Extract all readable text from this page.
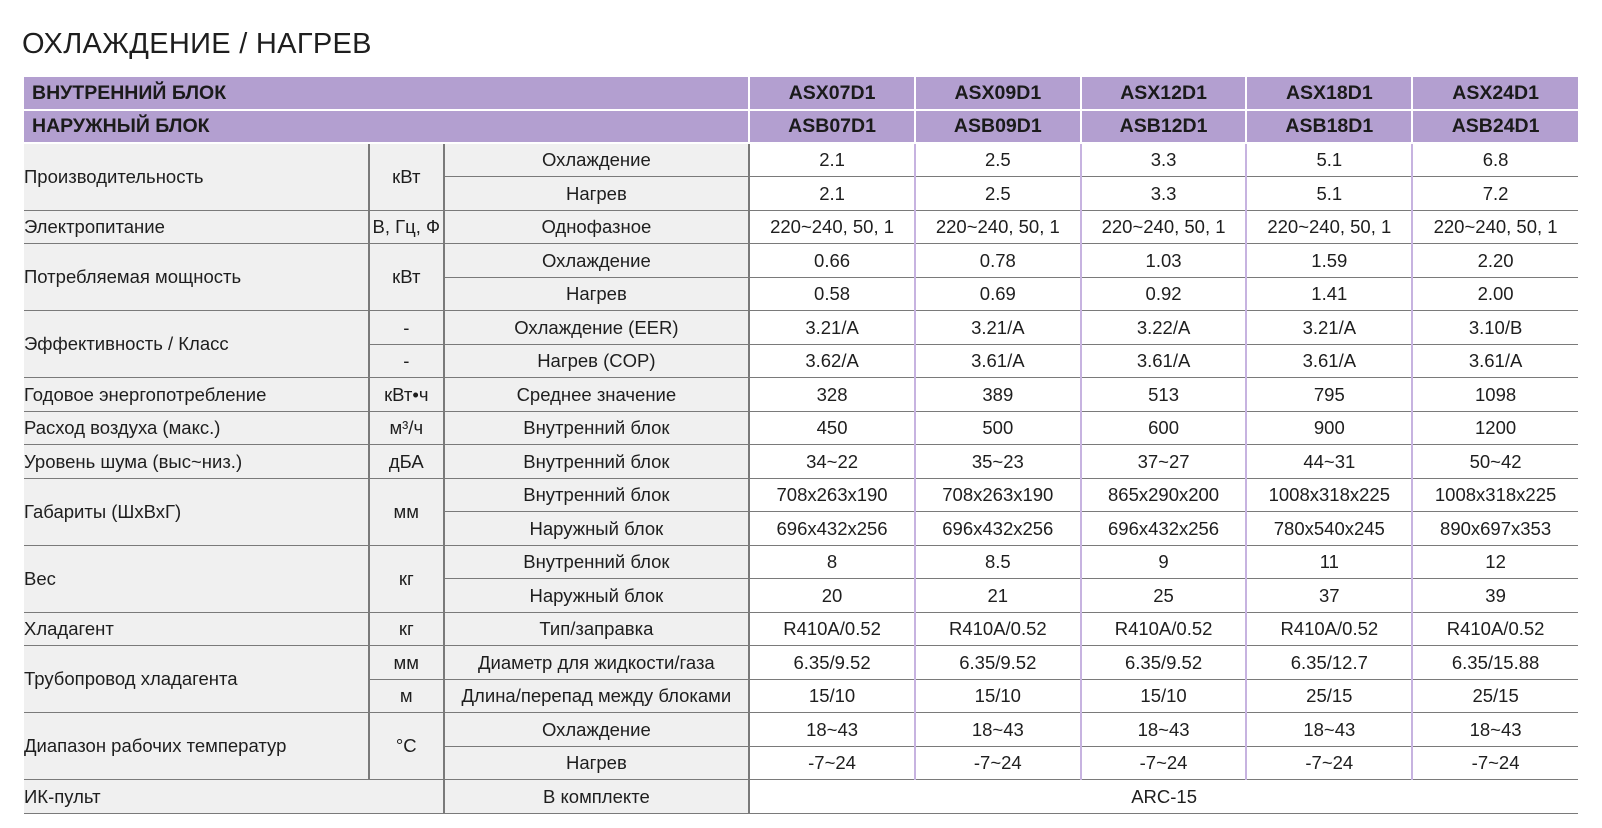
ОХЛАЖДЕНИЕ / НАГРЕВ
ВНУТРЕННИЙ БЛОК			ASX07D1	ASX09D1	ASX12D1	ASX18D1	ASX24D1
НАРУЖНЫЙ БЛОК			ASB07D1	ASB09D1	ASB12D1	ASB18D1	ASB24D1
Производительность	кВт	Охлаждение	2.1	2.5	3.3	5.1	6.8
		Нагрев	2.1	2.5	3.3	5.1	7.2
Электропитание	В, Гц, Ф	Однофазное	220~240, 50, 1	220~240, 50, 1	220~240, 50, 1	220~240, 50, 1	220~240, 50, 1
Потребляемая мощность	кВт	Охлаждение	0.66	0.78	1.03	1.59	2.20
		Нагрев	0.58	0.69	0.92	1.41	2.00
Эффективность / Класс	-	Охлаждение (EER)	3.21/A	3.21/A	3.22/A	3.21/A	3.10/B
	-	Нагрев (COP)	3.62/A	3.61/A	3.61/A	3.61/A	3.61/A
Годовое энергопотребление	кВт•ч	Среднее значение	328	389	513	795	1098
Расход воздуха (макс.)	м³/ч	Внутренний блок	450	500	600	900	1200
Уровень шума (выс~низ.)	дБА	Внутренний блок	34~22	35~23	37~27	44~31	50~42
Габариты (ШхВхГ)	мм	Внутренний блок	708x263x190	708x263x190	865x290x200	1008x318x225	1008x318x225
		Наружный блок	696x432x256	696x432x256	696x432x256	780x540x245	890x697x353
Вес	кг	Внутренний блок	8	8.5	9	11	12
		Наружный блок	20	21	25	37	39
Хладагент	кг	Тип/заправка	R410A/0.52	R410A/0.52	R410A/0.52	R410A/0.52	R410A/0.52
Трубопровод хладагента	мм	Диаметр для жидкости/газа	6.35/9.52	6.35/9.52	6.35/9.52	6.35/12.7	6.35/15.88
	м	Длина/перепад между блоками	15/10	15/10	15/10	25/15	25/15
Диапазон рабочих температур	°C	Охлаждение	18~43	18~43	18~43	18~43	18~43
		Нагрев	-7~24	-7~24	-7~24	-7~24	-7~24
ИК-пульт		В комплекте	ARC-15				
